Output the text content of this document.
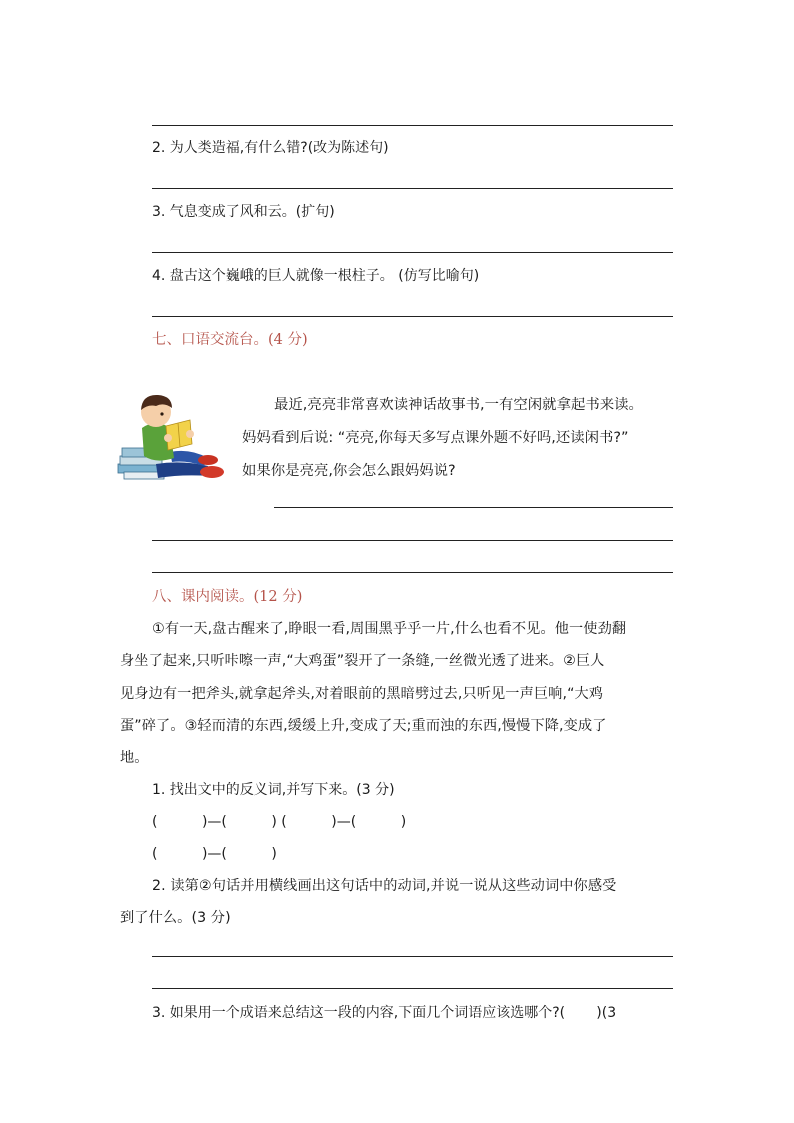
2. 为人类造福,有什么错?(改为陈述句)
3. 气息变成了风和云。(扩句)
4. 盘古这个巍峨的巨人就像一根柱子。 (仿写比喻句)
七、口语交流台。(4 分)
最近,亮亮非常喜欢读神话故事书,一有空闲就拿起书来读。
妈妈看到后说: “亮亮,你每天多写点课外题不好吗,还读闲书?”
如果你是亮亮,你会怎么跟妈妈说?
八、课内阅读。(12 分)
①有一天,盘古醒来了,睁眼一看,周围黑乎乎一片,什么也看不见。他一使劲翻
身坐了起来,只听咔嚓一声,“大鸡蛋”裂开了一条缝,一丝微光透了进来。②巨人
见身边有一把斧头,就拿起斧头,对着眼前的黑暗劈过去,只听见一声巨响,“大鸡
蛋”碎了。③轻而清的东西,缓缓上升,变成了天;重而浊的东西,慢慢下降,变成了
地。
1. 找出文中的反义词,并写下来。(3 分)
(          )—(          ) (          )—(          )
(          )—(          )
2. 读第②句话并用横线画出这句话中的动词,并说一说从这些动词中你感受
到了什么。(3 分)
3. 如果用一个成语来总结这一段的内容,下面几个词语应该选哪个?(       )(3
